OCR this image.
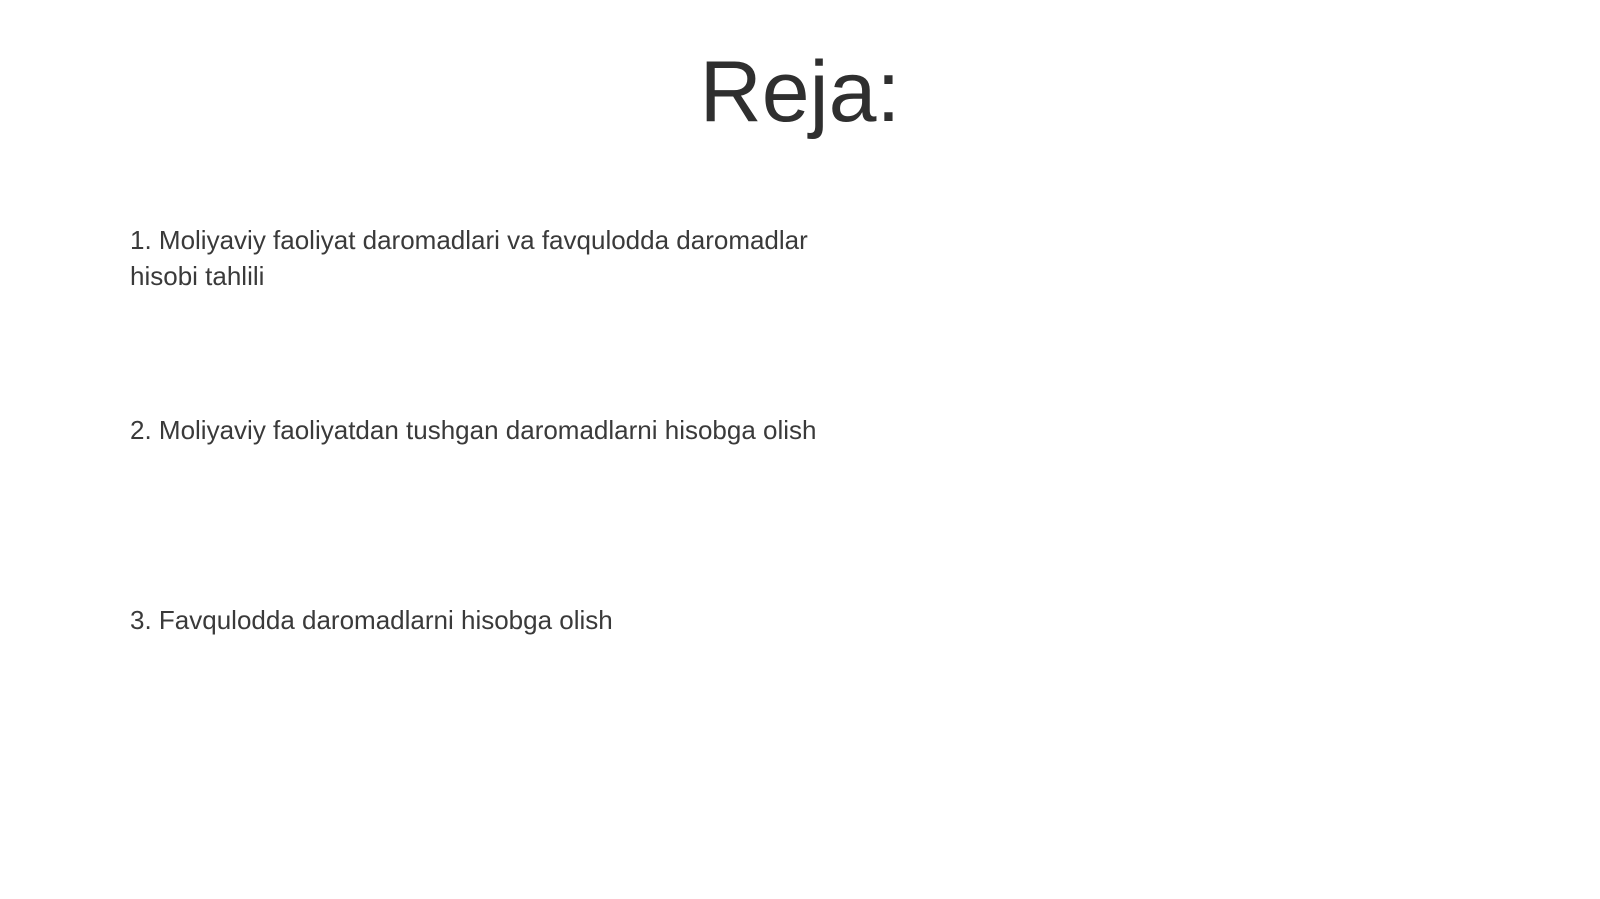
Reja:
1. Moliyaviy faoliyat daromadlari va favqulodda daromadlar hisobi tahlili
2. Moliyaviy faoliyatdan tushgan daromadlarni hisobga olish
3. Favqulodda daromadlarni hisobga olish
